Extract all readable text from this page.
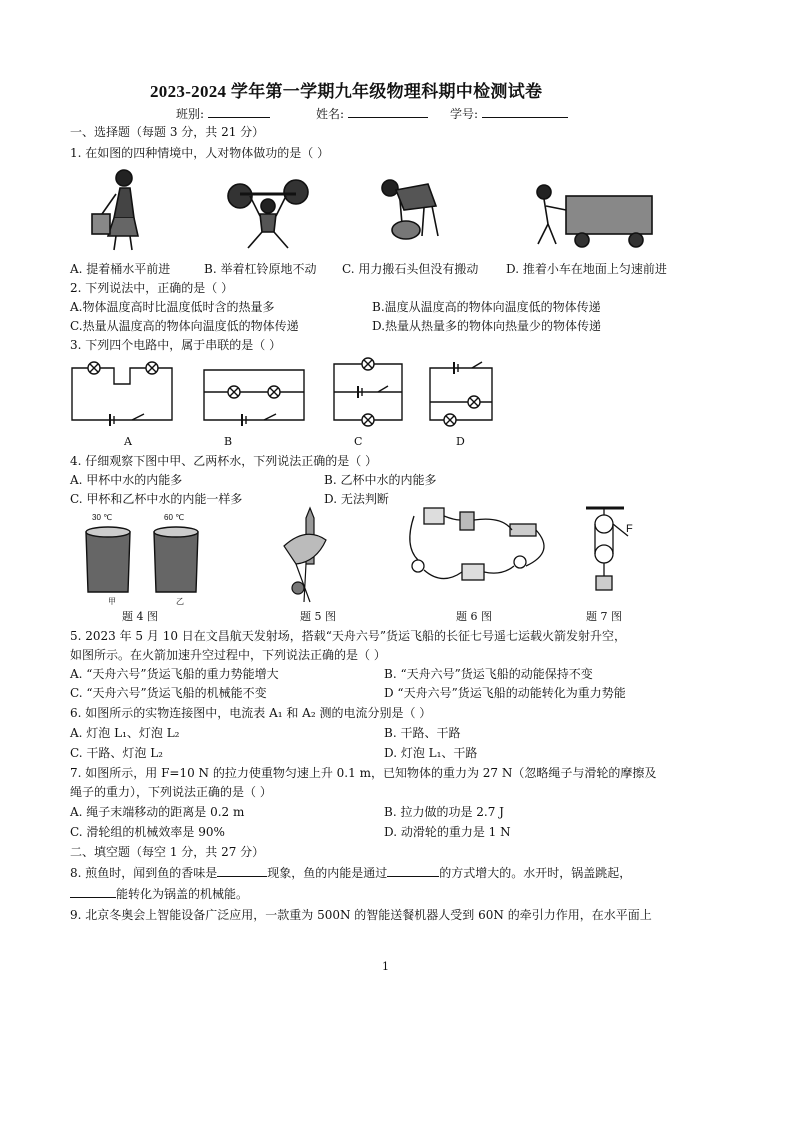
2023-2024 学年第一学期九年级物理科期中检测试卷
班别:	姓名:	学号:
一、选择题（每题 3 分，共 21 分）
1. 在如图的四种情境中，人对物体做功的是（ ）
A. 提着桶水平前进	B. 举着杠铃原地不动 C. 用力搬石头但没有搬动 D. 推着小车在地面上匀速前进
2. 下列说法中，正确的是（ ）
A.物体温度高时比温度低时含的热量多	B.温度从温度高的物体向温度低的物体传递
C.热量从温度高的物体向温度低的物体传递	D.热量从热量多的物体向热量少的物体传递
3. 下列四个电路中，属于串联的是（ ）
A	B	C	D
4. 仔细观察下图中甲、乙两杯水，下列说法正确的是（ ）
A. 甲杯中水的内能多	B. 乙杯中水的内能多
C. 甲杯和乙杯中水的内能一样多	D. 无法判断
30 ℃	60 ℃
甲	乙
F
题 4 图	题 5 图	题 6 图	题 7 图
5. 2023 年 5 月 10 日在文昌航天发射场，搭载“天舟六号”货运飞船的长征七号遥七运载火箭发射升空，
如图所示。在火箭加速升空过程中，下列说法正确的是（ ）
A. “天舟六号”货运飞船的重力势能增大	B. “天舟六号”货运飞船的动能保持不变
C. “天舟六号”货运飞船的机械能不变	D “天舟六号”货运飞船的动能转化为重力势能
6. 如图所示的实物连接图中，电流表 A₁ 和 A₂ 测的电流分别是（ ）
A. 灯泡 L₁、灯泡 L₂	B. 干路、干路
C. 干路、灯泡 L₂	D. 灯泡 L₁、干路
7. 如图所示，用 F=10 N 的拉力使重物匀速上升 0.1 m，已知物体的重力为 27 N（忽略绳子与滑轮的摩擦及
绳子的重力），下列说法正确的是（ ）
A. 绳子末端移动的距离是 0.2 m	B. 拉力做的功是 2.7 J
C. 滑轮组的机械效率是 90%	D. 动滑轮的重力是 1 N
二、填空题（每空 1 分，共 27 分）
8. 煎鱼时，闻到鱼的香味是	现象，鱼的内能是通过	的方式增大的。水开时，锅盖跳起，
能转化为锅盖的机械能。
9. 北京冬奥会上智能设备广泛应用，一款重为 500N 的智能送餐机器人受到 60N 的牵引力作用，在水平面上
1
